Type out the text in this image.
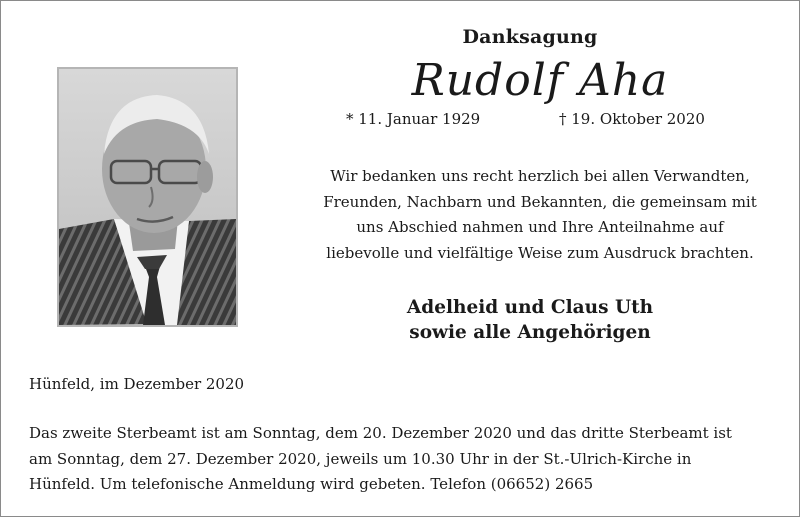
Danksagung
Rudolf Aha
* 11. Januar 1929	† 19. Oktober 2020

Wir bedanken uns recht herzlich bei allen Verwandten,
Freunden, Nachbarn und Bekannten, die gemeinsam mit
uns Abschied nahmen und Ihre Anteilnahme auf
liebevolle und vielfältige Weise zum Ausdruck brachten.

Adelheid und Claus Uth
sowie alle Angehörigen
Hünfeld, im Dezember 2020

Das zweite Sterbeamt ist am Sonntag, dem 20. Dezember 2020 und das dritte Sterbeamt ist
am Sonntag, dem 27. Dezember 2020, jeweils um 10.30 Uhr in der St.-Ulrich-Kirche in
Hünfeld. Um telefonische Anmeldung wird gebeten. Telefon (06652) 2665
